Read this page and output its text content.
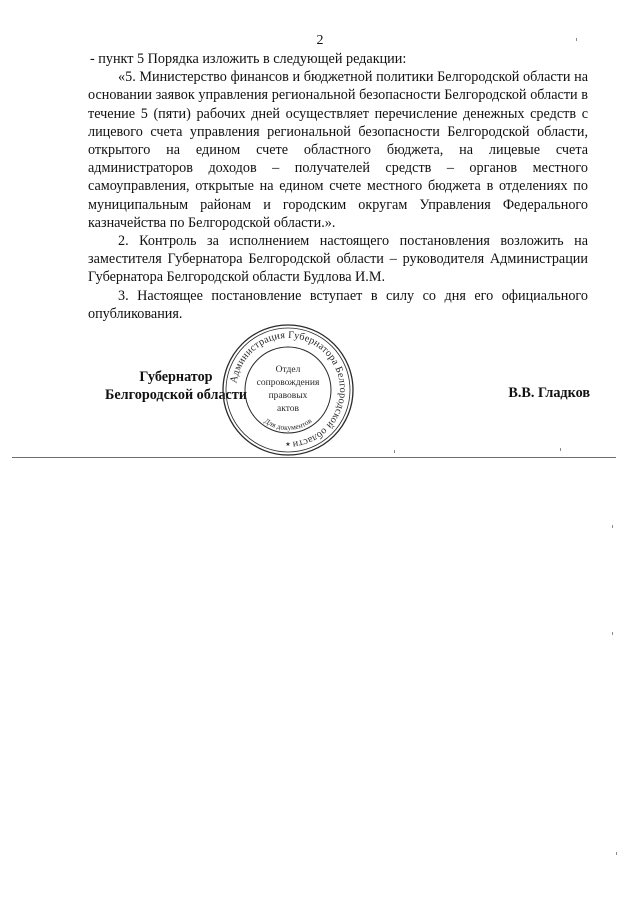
2

- пункт 5 Порядка изложить в следующей редакции:

«5. Министерство финансов и бюджетной политики Белгородской области на основании заявок управления региональной безопасности Белгородской области в течение 5 (пяти) рабочих дней осуществляет перечисление денежных средств с лицевого счета управления региональной безопасности Белгородской области, открытого на едином счете областного бюджета, на лицевые счета администраторов доходов – получателей средств – органов местного самоуправления, открытые на едином счете местного бюджета в отделениях по муниципальным районам и городским округам Управления Федерального казначейства по Белгородской области.».

2. Контроль за исполнением настоящего постановления возложить на заместителя Губернатора Белгородской области – руководителя Администрации Губернатора Белгородской области Будлова И.М.

3. Настоящее постановление вступает в силу со дня его официального опубликования.

Губернатор
Белгородской области
Администрация Губернатора Белгородской области
Отдел
сопровождения
правовых
актов
Для документов
★
В.В. Гладков
